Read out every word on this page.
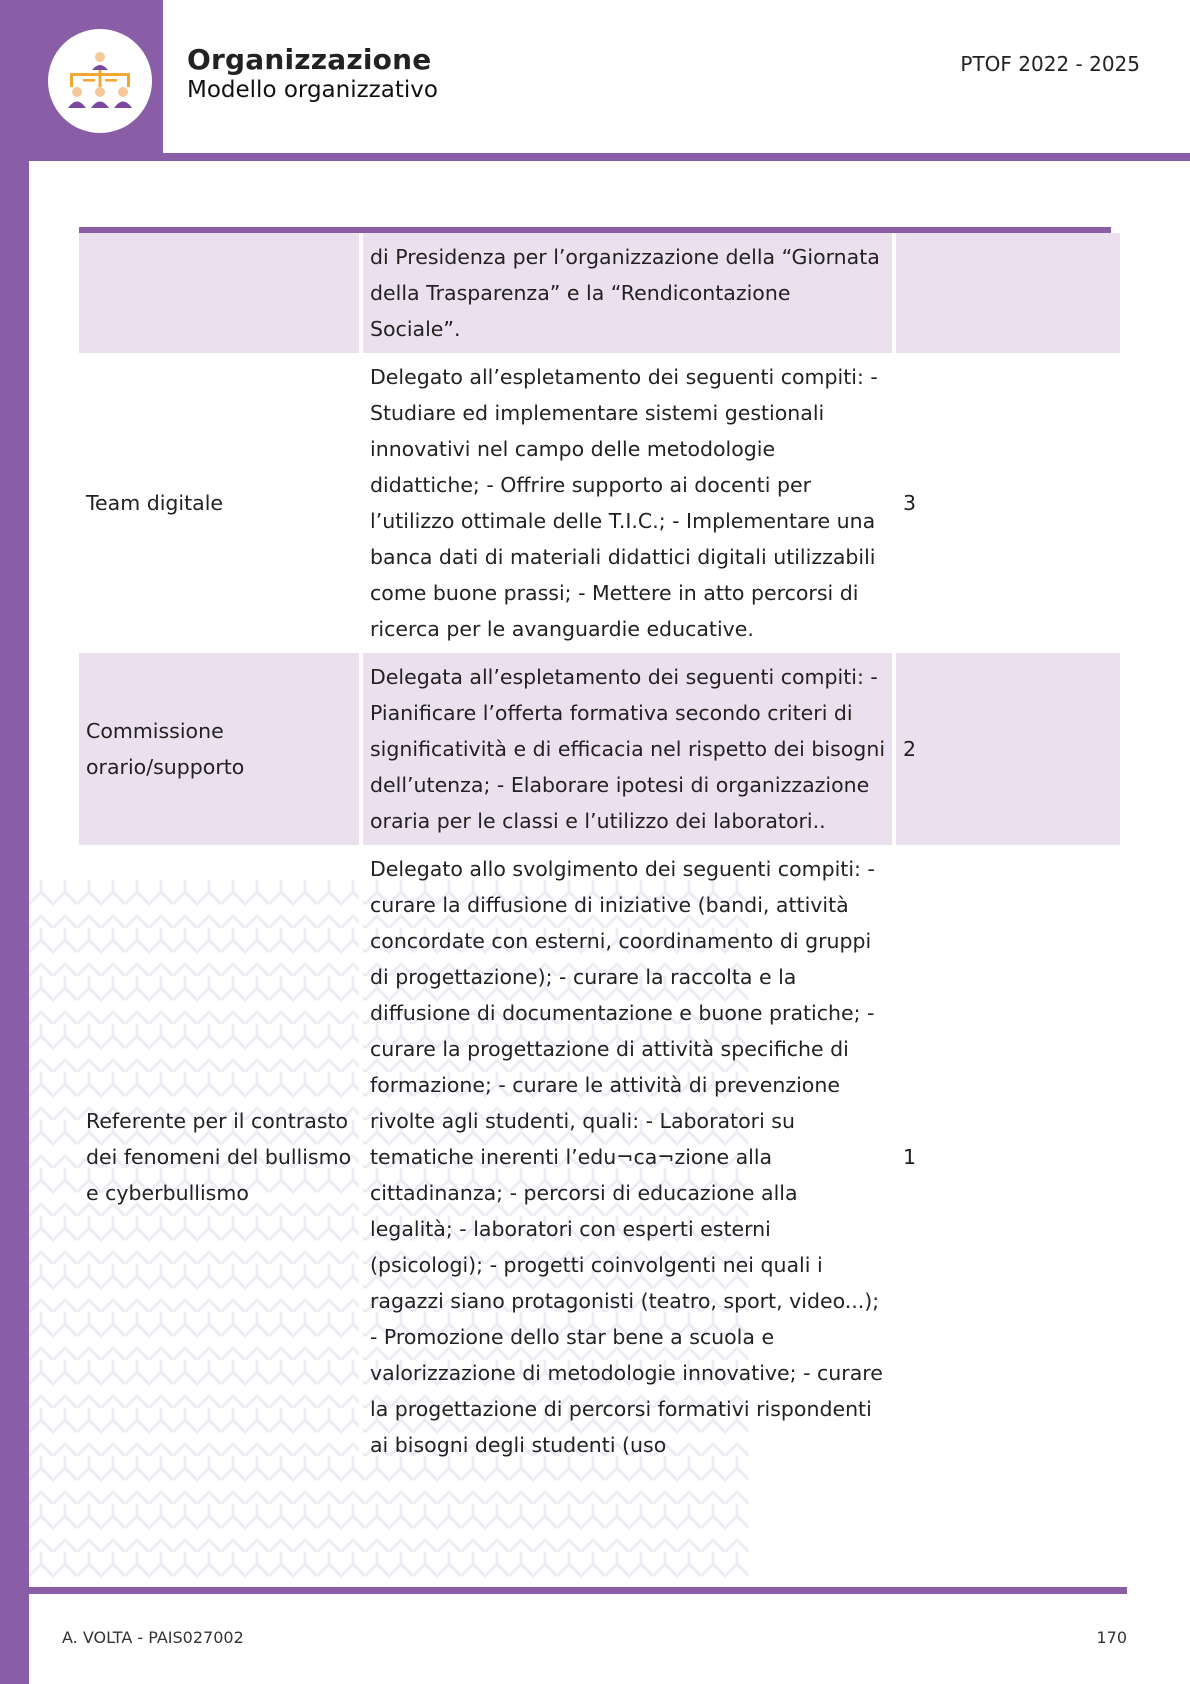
Organizzazione
Modello organizzativo
PTOF 2022 - 2025
	di Presidenza per l’organizzazione della “Giornata della Trasparenza” e la “Rendicontazione Sociale”.	
Team digitale	Delegato all’espletamento dei seguenti compiti: - Studiare ed implementare sistemi gestionali innovativi nel campo delle metodologie didattiche; - Offrire supporto ai docenti per l’utilizzo ottimale delle T.I.C.; - Implementare una banca dati di materiali didattici digitali utilizzabili come buone prassi; - Mettere in atto percorsi di ricerca per le avanguardie educative.	3
Commissione orario/supporto	Delegata all’espletamento dei seguenti compiti: - Pianificare l’offerta formativa secondo criteri di significatività e di efficacia nel rispetto dei bisogni dell’utenza; - Elaborare ipotesi di organizzazione oraria per le classi e l’utilizzo dei laboratori..	2
Referente per il contrasto dei fenomeni del bullismo e cyberbullismo	Delegato allo svolgimento dei seguenti compiti: - curare la diffusione di iniziative (bandi, attività concordate con esterni, coordinamento di gruppi di progettazione); - curare la raccolta e la diffusione di documentazione e buone pratiche; - curare la progettazione di attività specifiche di formazione; - curare le attività di prevenzione rivolte agli studenti, quali: - Laboratori su tematiche inerenti l’edu¬ca¬zione alla cittadinanza; - percorsi di educazione alla legalità; - laboratori con esperti esterni (psicologi); - progetti coinvolgenti nei quali i ragazzi siano protagonisti (teatro, sport, video...); - Promozione dello star bene a scuola e valorizzazione di metodologie innovative; - curare la progettazione di percorsi formativi rispondenti ai bisogni degli studenti (uso	1
A. VOLTA - PAIS027002	170
